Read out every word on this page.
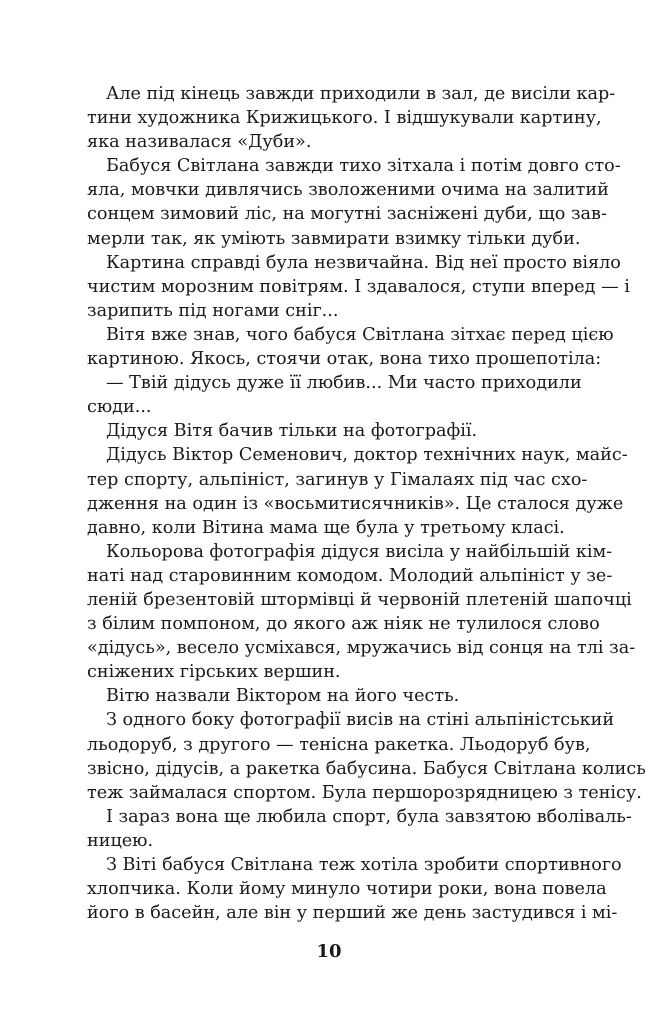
Але під кінець завжди приходили в зал, де висіли кар-
тини художника Крижицького. І відшукували картину,
яка називалася «Дуби».
Бабуся Світлана завжди тихо зітхала і потім довго сто-
яла, мовчки дивлячись зволоженими очима на залитий
сонцем зимовий ліс, на могутні засніжені дуби, що зав-
мерли так, як уміють завмирати взимку тільки дуби.
Картина справді була незвичайна. Від неї просто віяло
чистим морозним повітрям. І здавалося, ступи вперед — і
зарипить під ногами сніг...
Вітя вже знав, чого бабуся Світлана зітхає перед цією
картиною. Якось, стоячи отак, вона тихо прошепотіла:
— Твій дідусь дуже її любив... Ми часто приходили
сюди...
Дідуся Вітя бачив тільки на фотографії.
Дідусь Віктор Семенович, доктор технічних наук, майс-
тер спорту, альпініст, загинув у Гімалаях під час схо-
дження на один із «восьмитисячників». Це сталося дуже
давно, коли Вітина мама ще була у третьому класі.
Кольорова фотографія дідуся висіла у найбільшій кім-
наті над старовинним комодом. Молодий альпініст у зе-
леній брезентовій штормівці й червоній плетеній шапочці
з білим помпоном, до якого аж ніяк не тулилося слово
«дідусь», весело усміхався, мружачись від сонця на тлі за-
сніжених гірських вершин.
Вітю назвали Віктором на його честь.
З одного боку фотографії висів на стіні альпіністський
льодоруб, з другого — тенісна ракетка. Льодоруб був,
звісно, дідусів, а ракетка бабусина. Бабуся Світлана колись
теж займалася спортом. Була першорозрядницею з тенісу.
І зараз вона ще любила спорт, була завзятою вболіваль-
ницею.
З Віті бабуся Світлана теж хотіла зробити спортивного
хлопчика. Коли йому минуло чотири роки, вона повела
його в басейн, але він у перший же день застудився і мі-
10
